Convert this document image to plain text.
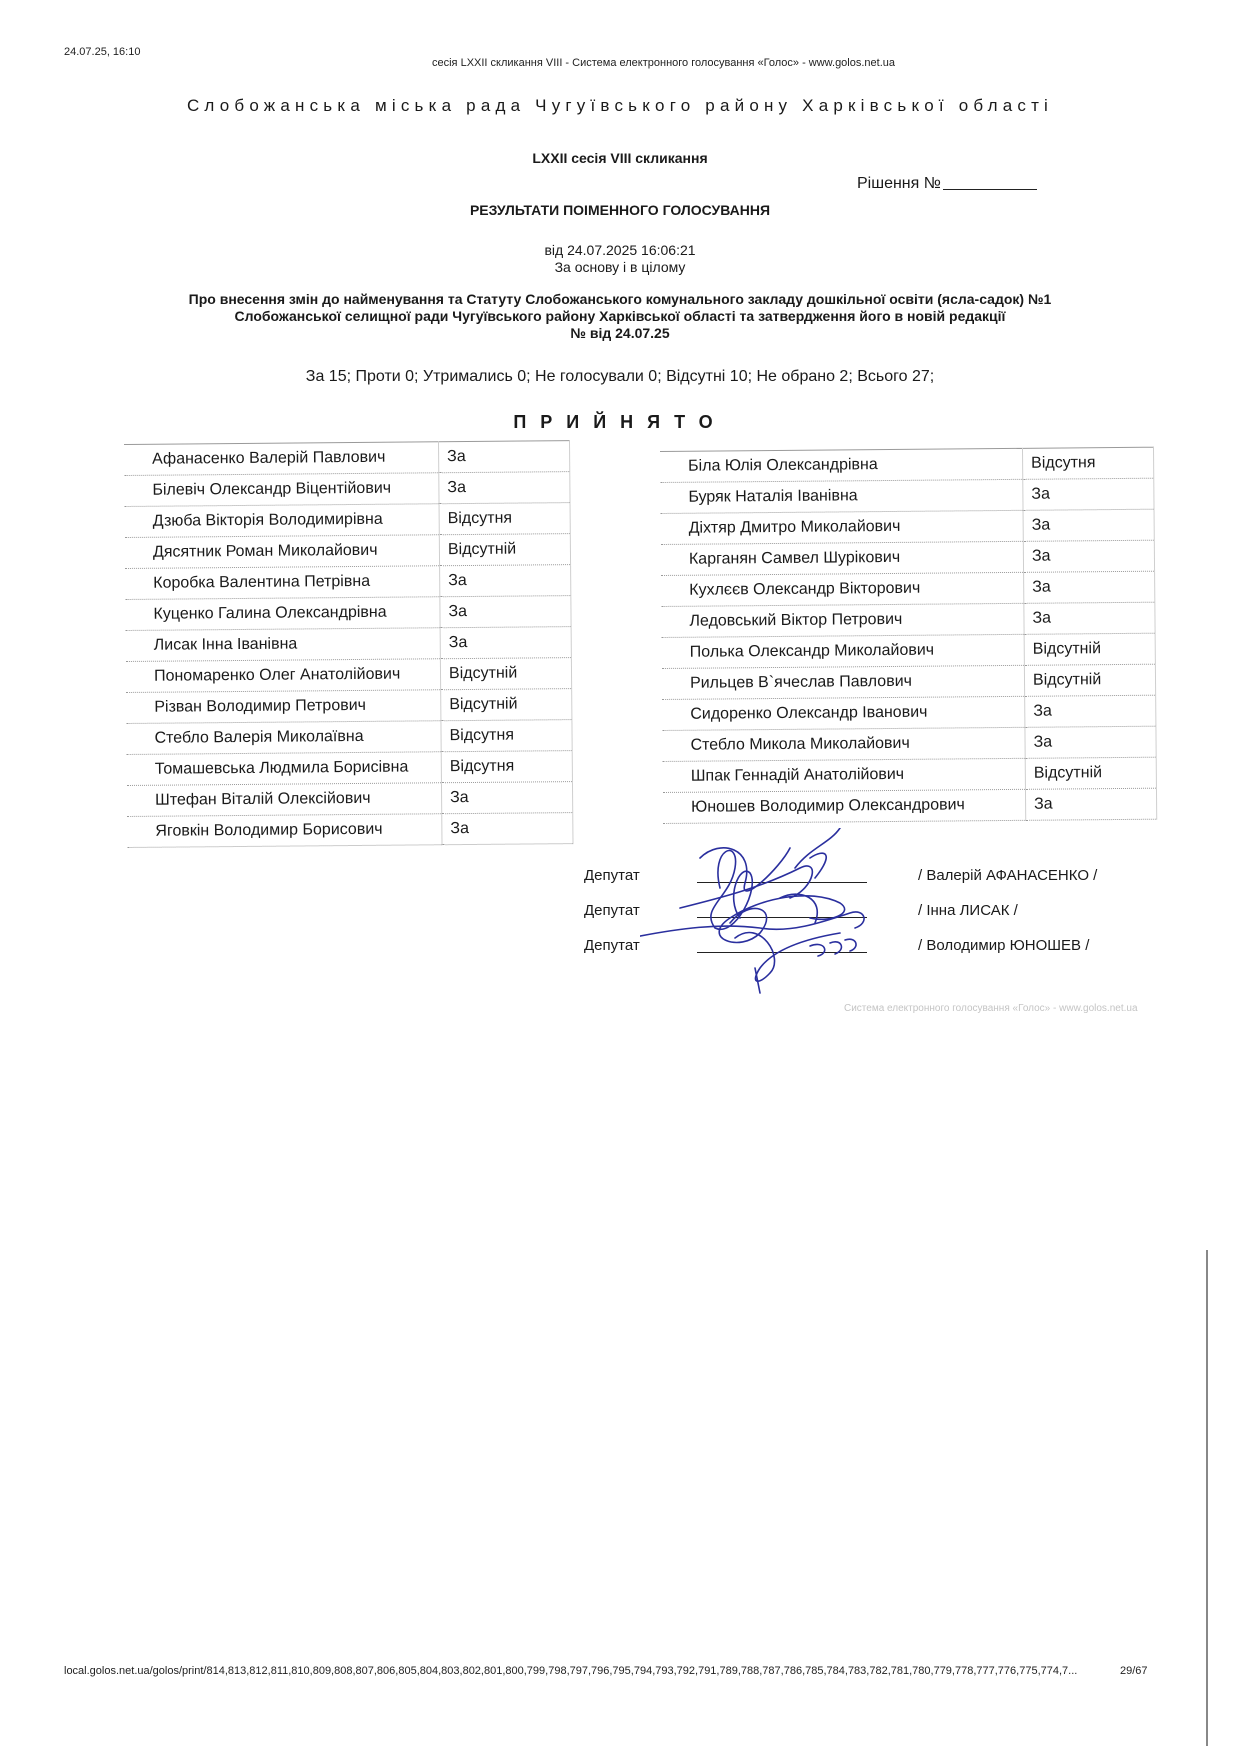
24.07.25, 16:10
сесія LXXII скликання VIII - Система електронного голосування «Голос» - www.golos.net.ua
Слобожанська міська рада Чугуївського району Харківської області
LXXII сесія VIII скликання
Рішення №
РЕЗУЛЬТАТИ ПОІМЕННОГО ГОЛОСУВАННЯ
від 24.07.2025 16:06:21
За основу і в цілому
Про внесення змін до найменування та Статуту Слобожанського комунального закладу дошкільної освіти (ясла-садок) №1
Слобожанської селищної ради Чугуївського району Харківської області та затвердження його в новій редакції
№ від 24.07.25
За 15; Проти 0; Утримались 0; Не голосували 0; Відсутні 10; Не обрано 2; Всього 27;
ПРИЙНЯТО
Афанасенко Валерій Павлович	За
Білевіч Олександр Віцентійович	За
Дзюба Вікторія Володимирівна	Відсутня
Дясятник Роман Миколайович	Відсутній
Коробка Валентина Петрівна	За
Куценко Галина Олександрівна	За
Лисак Інна Іванівна	За
Пономаренко Олег Анатолійович	Відсутній
Різван Володимир Петрович	Відсутній
Стебло Валерія Миколаївна	Відсутня
Томашевська Людмила Борисівна	Відсутня
Штефан Віталій Олексійович	За
Яговкін Володимир Борисович	За
Біла Юлія Олександрівна	Відсутня
Буряк Наталія Іванівна	За
Діхтяр Дмитро Миколайович	За
Карганян Самвел Шурікович	За
Кухлєєв Олександр Вікторович	За
Ледовський Віктор Петрович	За
Полька Олександр Миколайович	Відсутній
Рильцев В`ячеслав Павлович	Відсутній
Сидоренко Олександр Іванович	За
Стебло Микола Миколайович	За
Шпак Геннадій Анатолійович	Відсутній
Юношев Володимир Олександрович	За
Депутат	/ Валерій АФАНАСЕНКО /
Депутат	/ Інна ЛИСАК /
Депутат	/ Володимир ЮНОШЕВ /
Система електронного голосування «Голос» - www.golos.net.ua
local.golos.net.ua/golos/print/814,813,812,811,810,809,808,807,806,805,804,803,802,801,800,799,798,797,796,795,794,793,792,791,789,788,787,786,785,784,783,782,781,780,779,778,777,776,775,774,7...	29/67
